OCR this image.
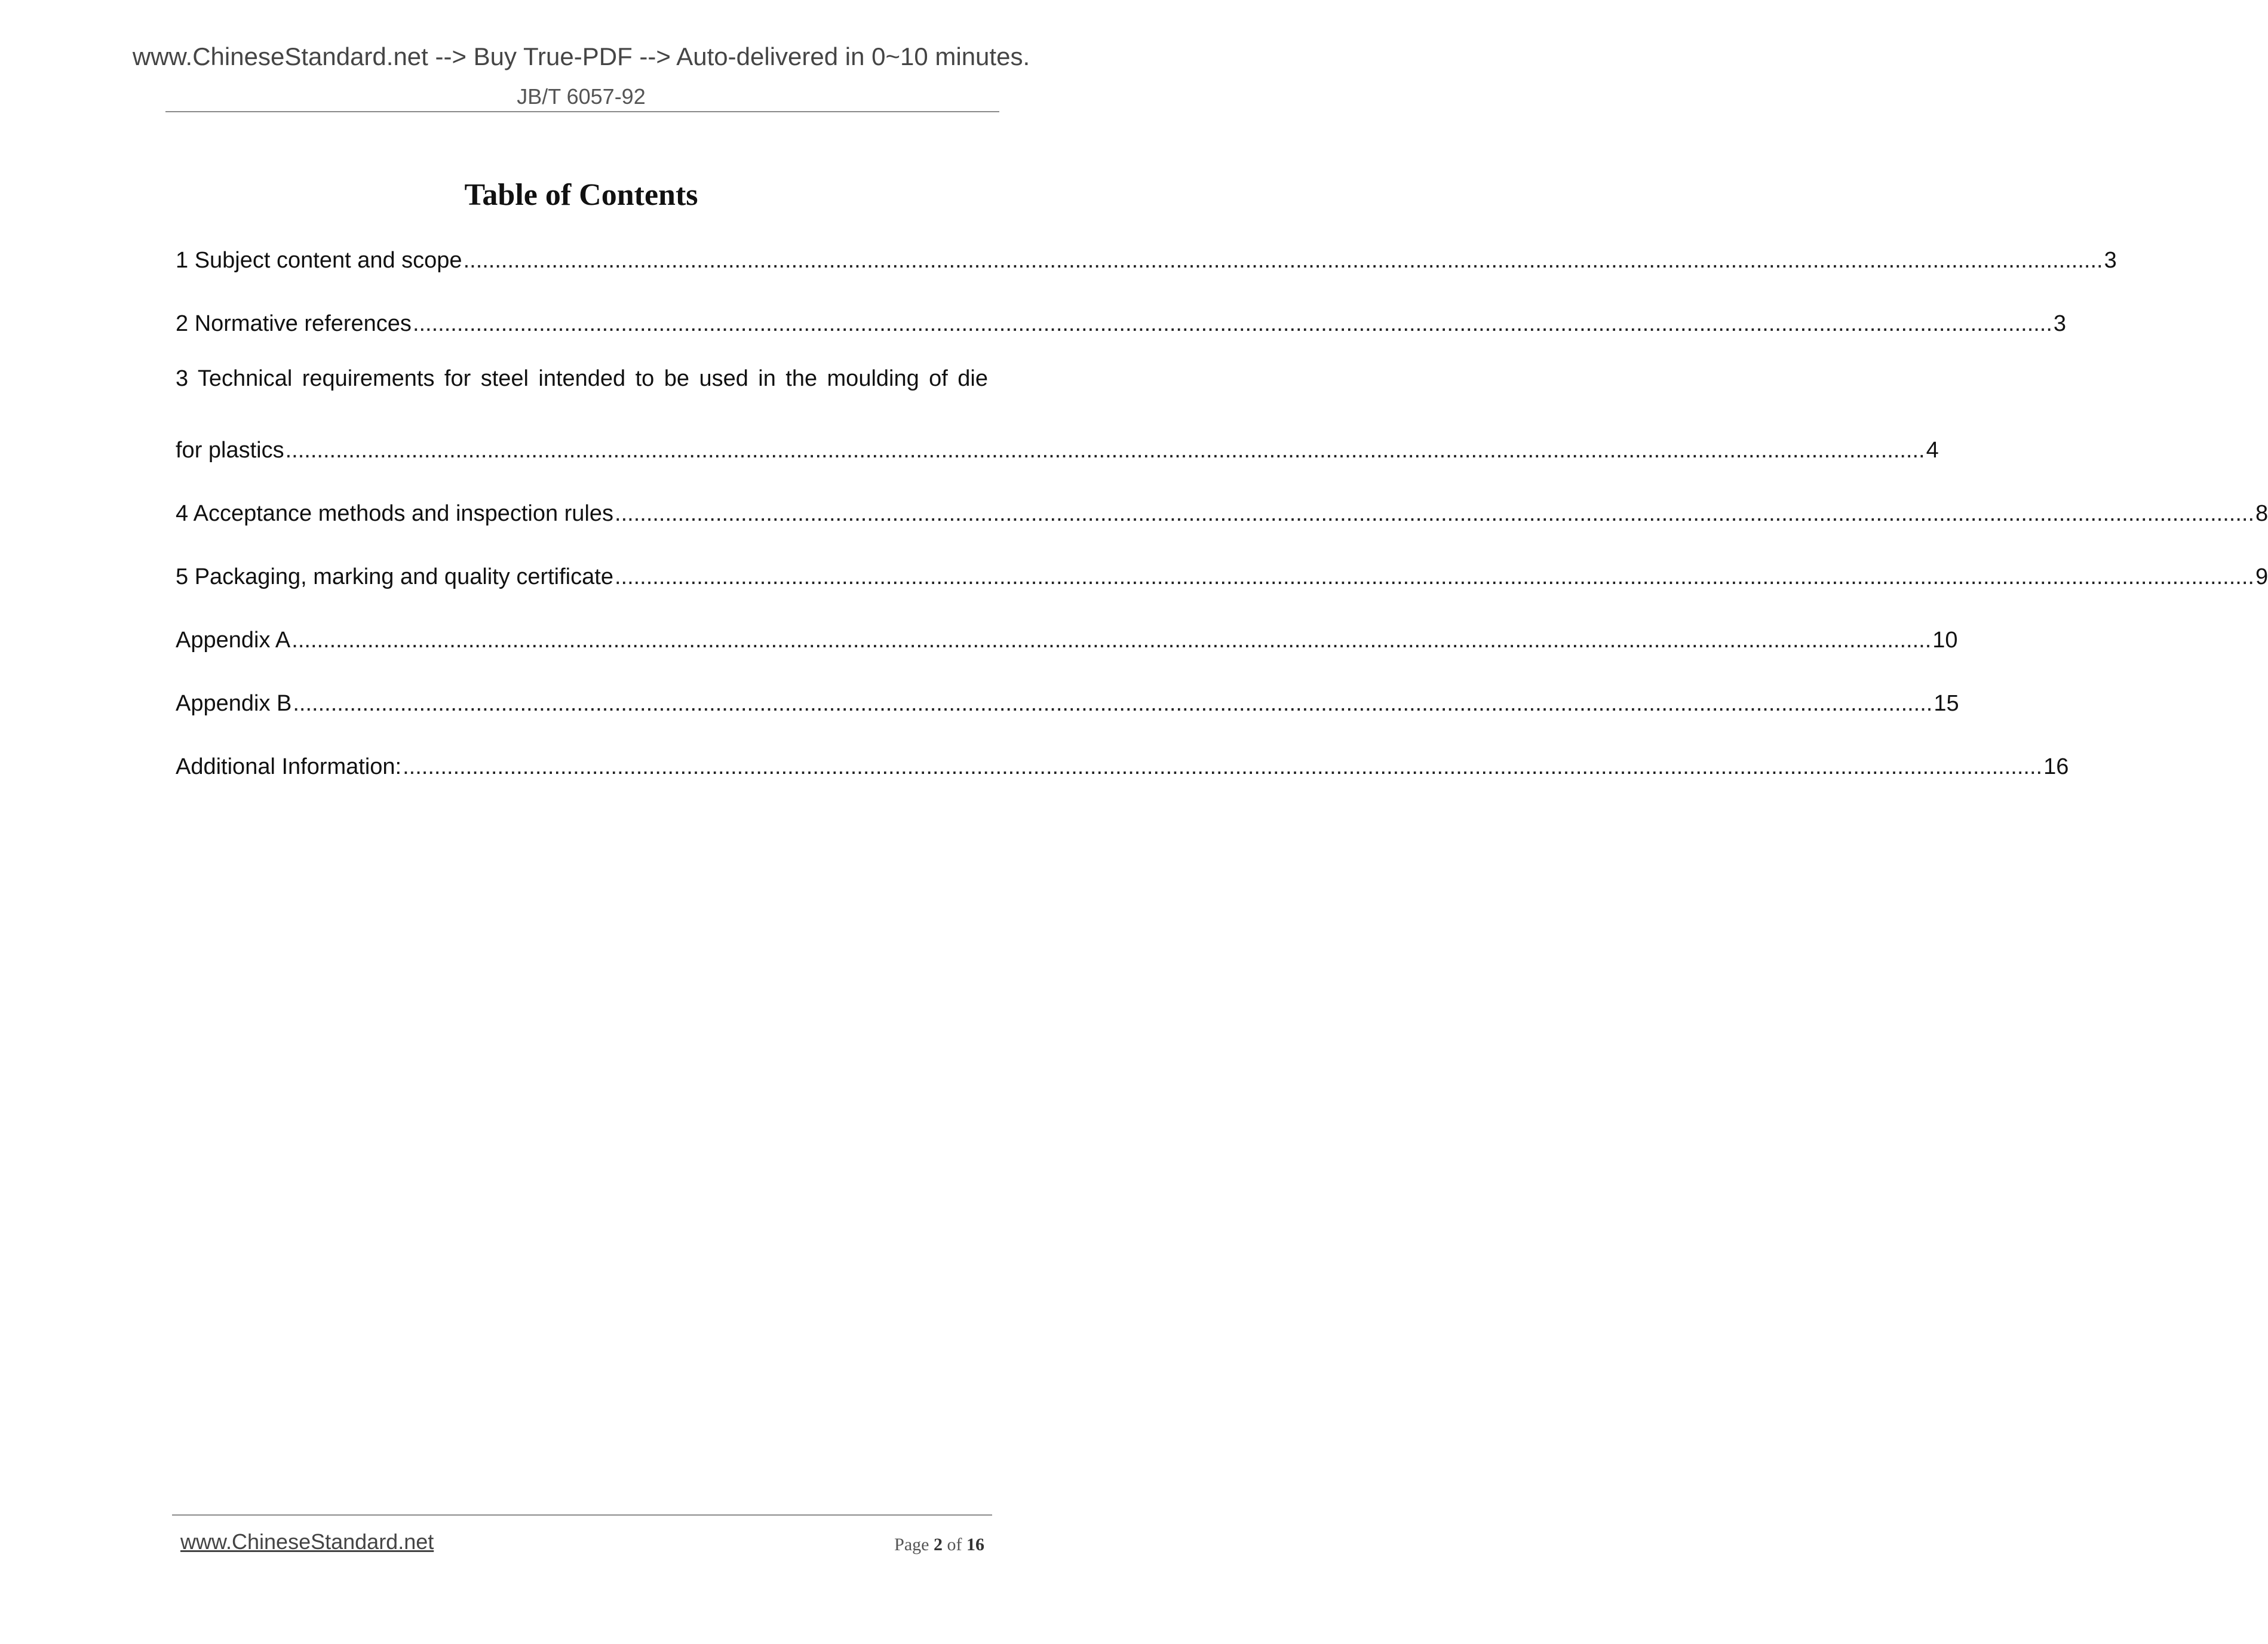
www.ChineseStandard.net --> Buy True-PDF --> Auto-delivered in 0~10 minutes.
JB/T 6057-92
Table of Contents
1 Subject content and scope .................................................................................................................................................................................................................................................................... 3
2 Normative references .................................................................................................................................................................................................................................................................... 3
3 Technical requirements for steel intended to be used in the moulding of die
for plastics .................................................................................................................................................................................................................................................................... 4
4 Acceptance methods and inspection rules .................................................................................................................................................................................................................................................................... 8
5 Packaging, marking and quality certificate .................................................................................................................................................................................................................................................................... 9
Appendix A .................................................................................................................................................................................................................................................................... 10
Appendix B .................................................................................................................................................................................................................................................................... 15
Additional Information: .................................................................................................................................................................................................................................................................... 16
www.ChineseStandard.net	Page 2 of 16
